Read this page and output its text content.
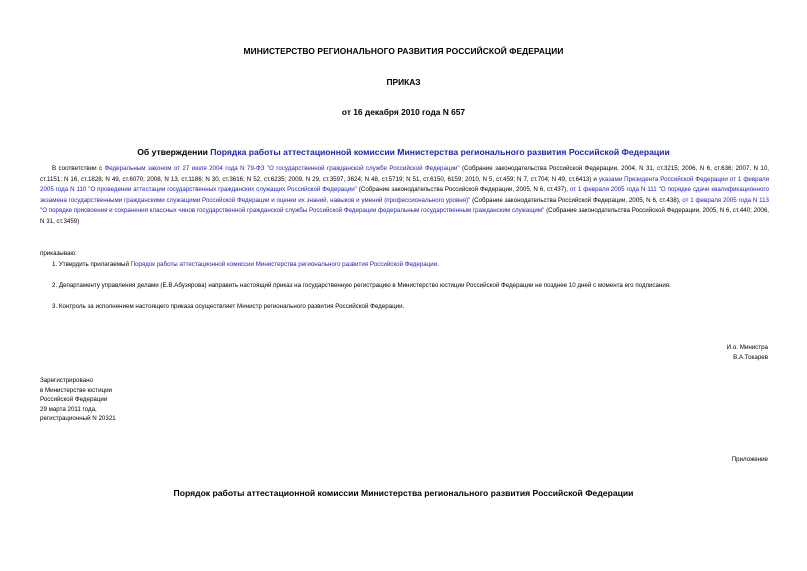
МИНИСТЕРСТВО РЕГИОНАЛЬНОГО РАЗВИТИЯ РОССИЙСКОЙ ФЕДЕРАЦИИ
ПРИКАЗ
от 16 декабря 2010 года N 657
Об утверждении Порядка работы аттестационной комиссии Министерства регионального развития Российской Федерации
В соответствии с Федеральным законом от 27 июля 2004 года N 79-ФЗ "О государственной гражданской службе Российской Федерации" (Собрание законодательства Российской Федерации, 2004, N 31, ст.3215; 2006, N 6, ст.636; 2007, N 10, ст.1151; N 16, ст.1828; N 49, ст.6070; 2008, N 13, ст.1186; N 30, ст.3616; N 52, ст.6235; 2009, N 29, ст.3597, 3624; N 48, ст.5719; N 51, ст.6150, 6159; 2010, N 5, ст.459; N 7, ст.704; N 49, ст.6413) и указами Президента Российской Федерации от 1 февраля 2005 года N 110 "О проведении аттестации государственных гражданских служащих Российской Федерации" (Собрание законодательства Российской Федерации, 2005, N 6, ст.437), от 1 февраля 2005 года N 111 "О порядке сдачи квалификационного экзамена государственными гражданскими служащими Российской Федерации и оценки их знаний, навыков и умений (профессионального уровня)" (Собрание законодательства Российской Федерации, 2005, N 6, ст.438), от 1 февраля 2005 года N 113 "О порядке присвоения и сохранения классных чинов государственной гражданской службы Российской Федерации федеральным государственным гражданским служащим" (Собрание законодательства Российской Федерации, 2005, N 6, ст.440; 2006, N 31, ст.3459)
приказываю:
1. Утвердить прилагаемый Порядок работы аттестационной комиссии Министерства регионального развития Российской Федерации.
2. Департаменту управления делами (Е.В.Абузярова) направить настоящий приказ на государственную регистрацию в Министерство юстиции Российской Федерации не позднее 10 дней с момента его подписания.
3. Контроль за исполнением настоящего приказа осуществляет Министр регионального развития Российской Федерации.
И.о. Министра
В.А.Токарев
Зарегистрировано
в Министерстве юстиции
Российской Федерации
29 марта 2011 года,
регистрационный N 20321
Приложение
Порядок работы аттестационной комиссии Министерства регионального развития Российской Федерации
